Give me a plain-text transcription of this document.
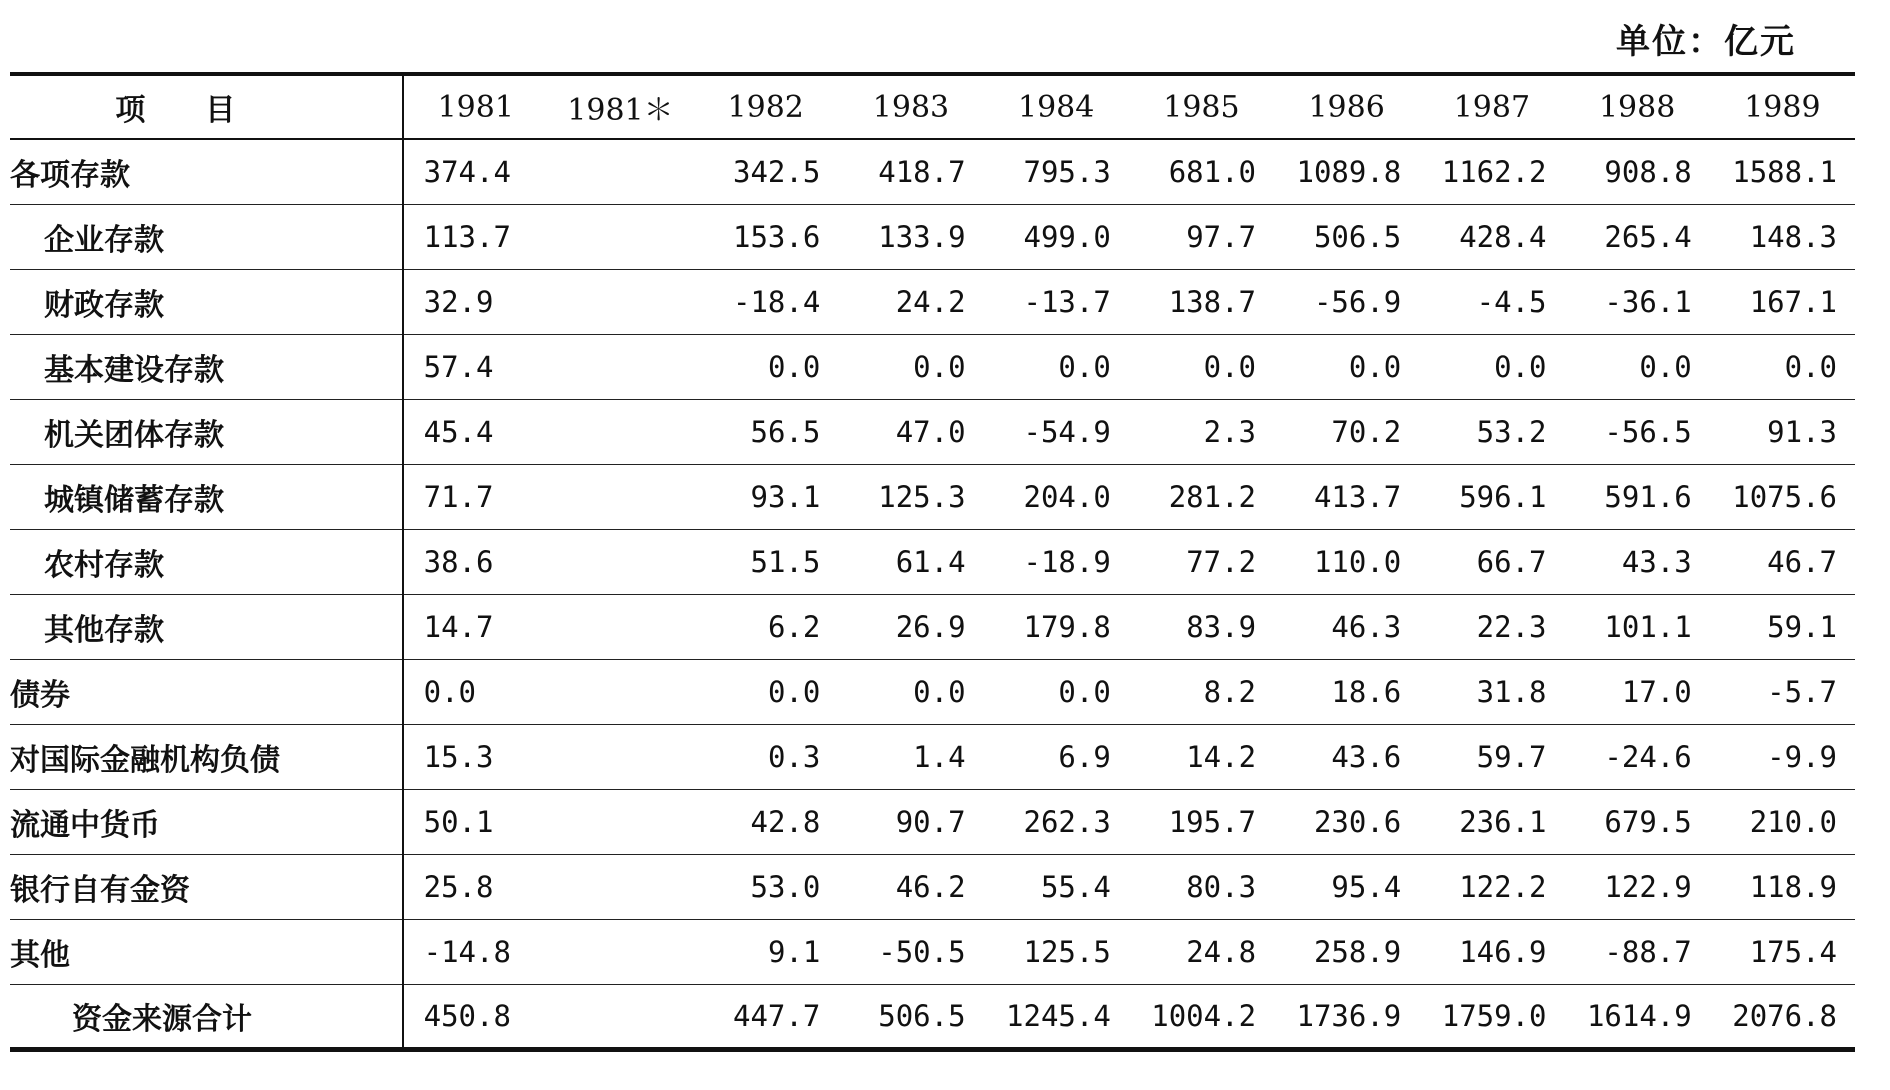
单位：亿元
项目	1981	1981＊	1982	1983	1984	1985	1986	1987	1988	1989
各项存款	374.4		342.5	418.7	795.3	681.0	1089.8	1162.2	908.8	1588.1
企业存款	113.7		153.6	133.9	499.0	97.7	506.5	428.4	265.4	148.3
财政存款	32.9		-18.4	24.2	-13.7	138.7	-56.9	-4.5	-36.1	167.1
基本建设存款	57.4		0.0	0.0	0.0	0.0	0.0	0.0	0.0	0.0
机关团体存款	45.4		56.5	47.0	-54.9	2.3	70.2	53.2	-56.5	91.3
城镇储蓄存款	71.7		93.1	125.3	204.0	281.2	413.7	596.1	591.6	1075.6
农村存款	38.6		51.5	61.4	-18.9	77.2	110.0	66.7	43.3	46.7
其他存款	14.7		6.2	26.9	179.8	83.9	46.3	22.3	101.1	59.1
债券	0.0		0.0	0.0	0.0	8.2	18.6	31.8	17.0	-5.7
对国际金融机构负债	15.3		0.3	1.4	6.9	14.2	43.6	59.7	-24.6	-9.9
流通中货币	50.1		42.8	90.7	262.3	195.7	230.6	236.1	679.5	210.0
银行自有金资	25.8		53.0	46.2	55.4	80.3	95.4	122.2	122.9	118.9
其他	-14.8		9.1	-50.5	125.5	24.8	258.9	146.9	-88.7	175.4
资金来源合计	450.8		447.7	506.5	1245.4	1004.2	1736.9	1759.0	1614.9	2076.8
